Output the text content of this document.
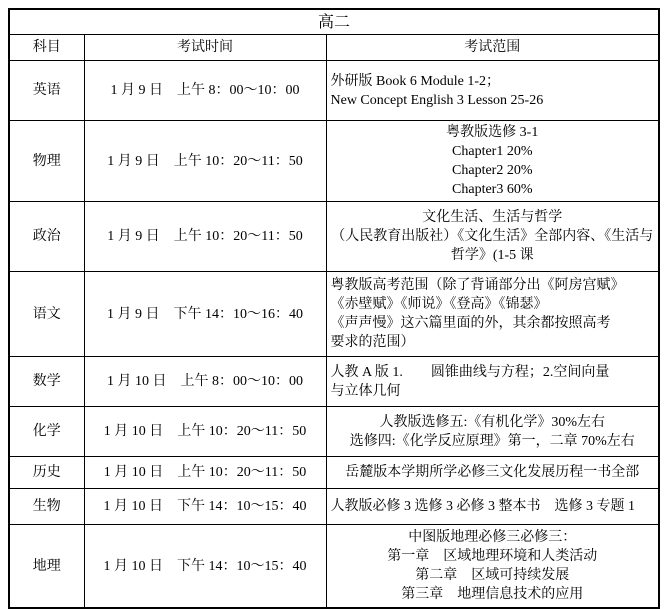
高二		
科目	考试时间	考试范围
英语	1 月 9 日　上午 8：00～10：00	外研版 Book 6 Module 1-2；
New Concept English 3 Lesson 25-26

物理	1 月 9 日　上午 10：20～11：50	粤教版选修 3-1
Chapter1 20%
Chapter2 20%
Chapter3 60%

政治	1 月 9 日　上午 10：20～11：50	文化生活、生活与哲学
（人民教育出版社）《文化生活》全部内容、《生活与
哲学》(1-5 课

语文	1 月 9 日　下午 14：10～16：40	粤教版高考范围（除了背诵部分出《阿房宫赋》
《赤壁赋》《师说》《登高》《锦瑟》
《声声慢》这六篇里面的外，其余都按照高考
要求的范围）

数学	1 月 10 日　上午 8：00～10：00	人教 A 版 1.　　圆锥曲线与方程；2.空间向量
与立体几何

化学	1 月 10 日　上午 10：20～11：50	人教版选修五:《有机化学》30%左右
选修四:《化学反应原理》第一，二章 70%左右

历史	1 月 10 日　上午 10：20～11：50	岳麓版本学期所学必修三文化发展历程一书全部

生物	1 月 10 日　下午 14：10～15：40	人教版必修 3 选修 3 必修 3 整本书　选修 3 专题 1

地理	1 月 10 日　下午 14：10～15：40	中图版地理必修三必修三：
第一章　区域地理环境和人类活动
第二章　区域可持续发展
第三章　地理信息技术的应用
